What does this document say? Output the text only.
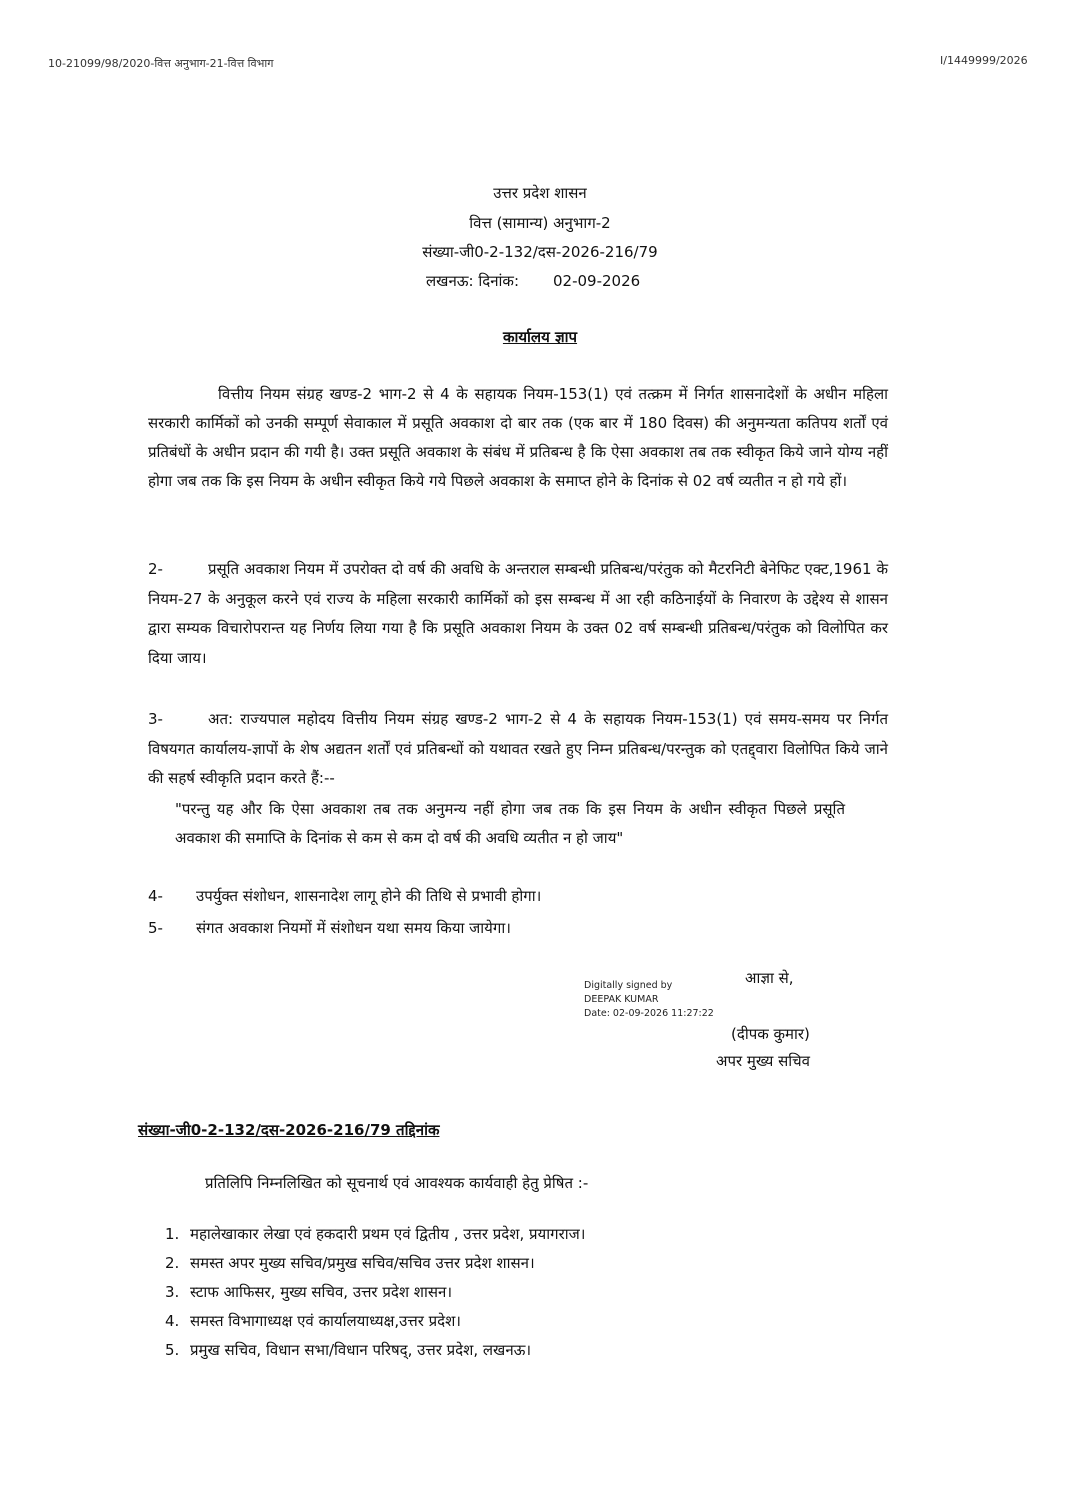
10-21099/98/2020-वित्त अनुभाग-21-वित्त विभाग	I/1449999/2026
उत्तर प्रदेश शासन
वित्त (सामान्य) अनुभाग-2
संख्या-जी0-2-132/दस-2026-216/79
लखनऊ: दिनांक: 02-09-2026
कार्यालय ज्ञाप

वित्तीय नियम संग्रह खण्ड-2 भाग-2 से 4 के सहायक नियम-153(1) एवं तत्क्रम में निर्गत शासनादेशों के अधीन महिला सरकारी कार्मिकों को उनकी सम्पूर्ण सेवाकाल में प्रसूति अवकाश दो बार तक (एक बार में 180 दिवस) की अनुमन्यता कतिपय शर्तों एवं प्रतिबंधों के अधीन प्रदान की गयी है। उक्त प्रसूति अवकाश के संबंध में प्रतिबन्ध है कि ऐसा अवकाश तब तक स्वीकृत किये जाने योग्य नहीं होगा जब तक कि इस नियम के अधीन स्वीकृत किये गये पिछले अवकाश के समाप्त होने के दिनांक से 02 वर्ष व्यतीत न हो गये हों।

2-	प्रसूति अवकाश नियम में उपरोक्त दो वर्ष की अवधि के अन्तराल सम्बन्धी प्रतिबन्ध/परंतुक को मैटरनिटी बेनेफिट एक्ट,1961 के नियम-27 के अनुकूल करने एवं राज्य के महिला सरकारी कार्मिकों को इस सम्बन्ध में आ रही कठिनाईयों के निवारण के उद्देश्य से शासन द्वारा सम्यक विचारोपरान्त यह निर्णय लिया गया है कि प्रसूति अवकाश नियम के उक्त 02 वर्ष सम्बन्धी प्रतिबन्ध/परंतुक को विलोपित कर दिया जाय।
3-	अत: राज्यपाल महोदय वित्तीय नियम संग्रह खण्ड-2 भाग-2 से 4 के सहायक नियम-153(1) एवं समय-समय पर निर्गत विषयगत कार्यालय-ज्ञापों के शेष अद्यतन शर्तों एवं प्रतिबन्धों को यथावत रखते हुए निम्न प्रतिबन्ध/परन्तुक को एतद्द्वारा विलोपित किये जाने की सहर्ष स्वीकृति प्रदान करते हैं:--
"परन्तु यह और कि ऐसा अवकाश तब तक अनुमन्य नहीं होगा जब तक कि इस नियम के अधीन स्वीकृत पिछले प्रसूति अवकाश की समाप्ति के दिनांक से कम से कम दो वर्ष की अवधि व्यतीत न हो जाय"
4- उपर्युक्त संशोधन, शासनादेश लागू होने की तिथि से प्रभावी होगा।
5- संगत अवकाश नियमों में संशोधन यथा समय किया जायेगा।
Digitally signed by
DEEPAK KUMAR
Date: 02-09-2026 11:27:22
आज्ञा से,
(दीपक कुमार)
अपर मुख्य सचिव
संख्या-जी0-2-132/दस-2026-216/79 तद्दिनांक
प्रतिलिपि निम्नलिखित को सूचनार्थ एवं आवश्यक कार्यवाही हेतु प्रेषित :-
1. महालेखाकार लेखा एवं हकदारी प्रथम एवं द्वितीय , उत्तर प्रदेश, प्रयागराज।
2. समस्त अपर मुख्य सचिव/प्रमुख सचिव/सचिव उत्तर प्रदेश शासन।
3. स्टाफ आफिसर, मुख्य सचिव, उत्तर प्रदेश शासन।
4. समस्त विभागाध्यक्ष एवं कार्यालयाध्यक्ष,उत्तर प्रदेश।
5. प्रमुख सचिव, विधान सभा/विधान परिषद्, उत्तर प्रदेश, लखनऊ।
